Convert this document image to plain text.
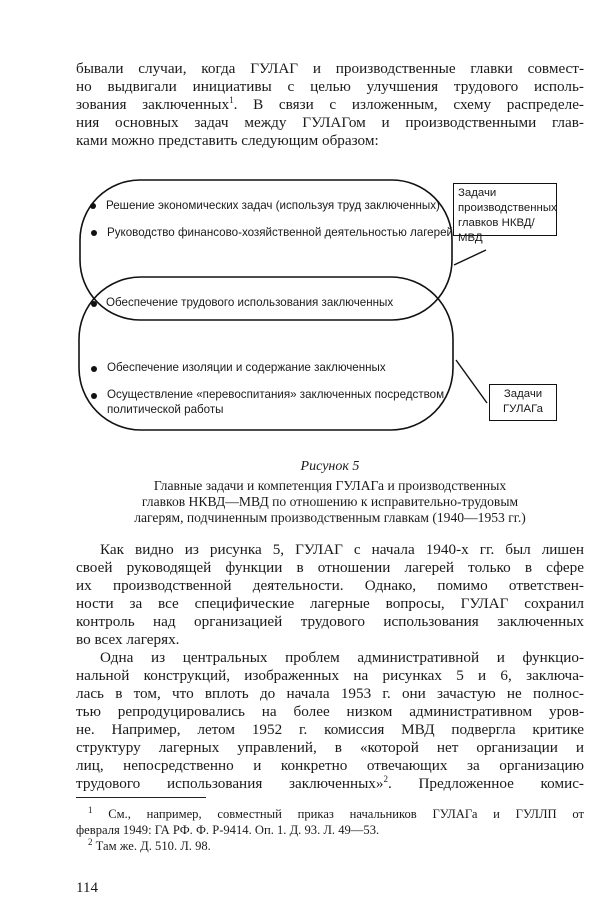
бывали случаи, когда ГУЛАГ и производственные главки совмест-
но выдвигали инициативы с целью улучшения трудового исполь-
зования заключенных$^1$. В связи с изложенным, схему распределе-
ния основных задач между ГУЛАГом и производственными глав-
ками можно представить следующим образом:
Решение экономических задач (используя труд заключенных)
Руководство финансово-хозяйственной деятельностью лагерей
Обеспечение трудового использования заключенных
Обеспечение изоляции и содержание заключенных
Осуществление «перевоспитания» заключенных посредством
политической работы
Задачи
производственных
главков НКВД/МВД
Задачи
ГУЛАГа
Рисунок 5
Главные задачи и компетенция ГУЛАГа и производственных
главков НКВД—МВД по отношению к исправительно-трудовым
лагерям, подчиненным производственным главкам (1940—1953 гг.)
Как видно из рисунка 5, ГУЛАГ с начала 1940-х гг. был лишен
своей руководящей функции в отношении лагерей только в сфере
их производственной деятельности. Однако, помимо ответствен-
ности за все специфические лагерные вопросы, ГУЛАГ сохранил
контроль над организацией трудового использования заключенных
во всех лагерях.
Одна из центральных проблем административной и функцио-
нальной конструкций, изображенных на рисунках 5 и 6, заключа-
лась в том, что вплоть до начала 1953 г. они зачастую не полнос-
тью репродуцировались на более низком административном уров-
не. Например, летом 1952 г. комиссия МВД подвергла критике
структуру лагерных управлений, в «которой нет организации и
лиц, непосредственно и конкретно отвечающих за организацию
трудового использования заключенных»$^2$. Предложенное комис-
$^1$ См., например, совместный приказ начальников ГУЛАГа и ГУЛЛП от
февраля 1949: ГА РФ. Ф. Р-9414. Оп. 1. Д. 93. Л. 49—53.
$^2$ Там же. Д. 510. Л. 98.
114
